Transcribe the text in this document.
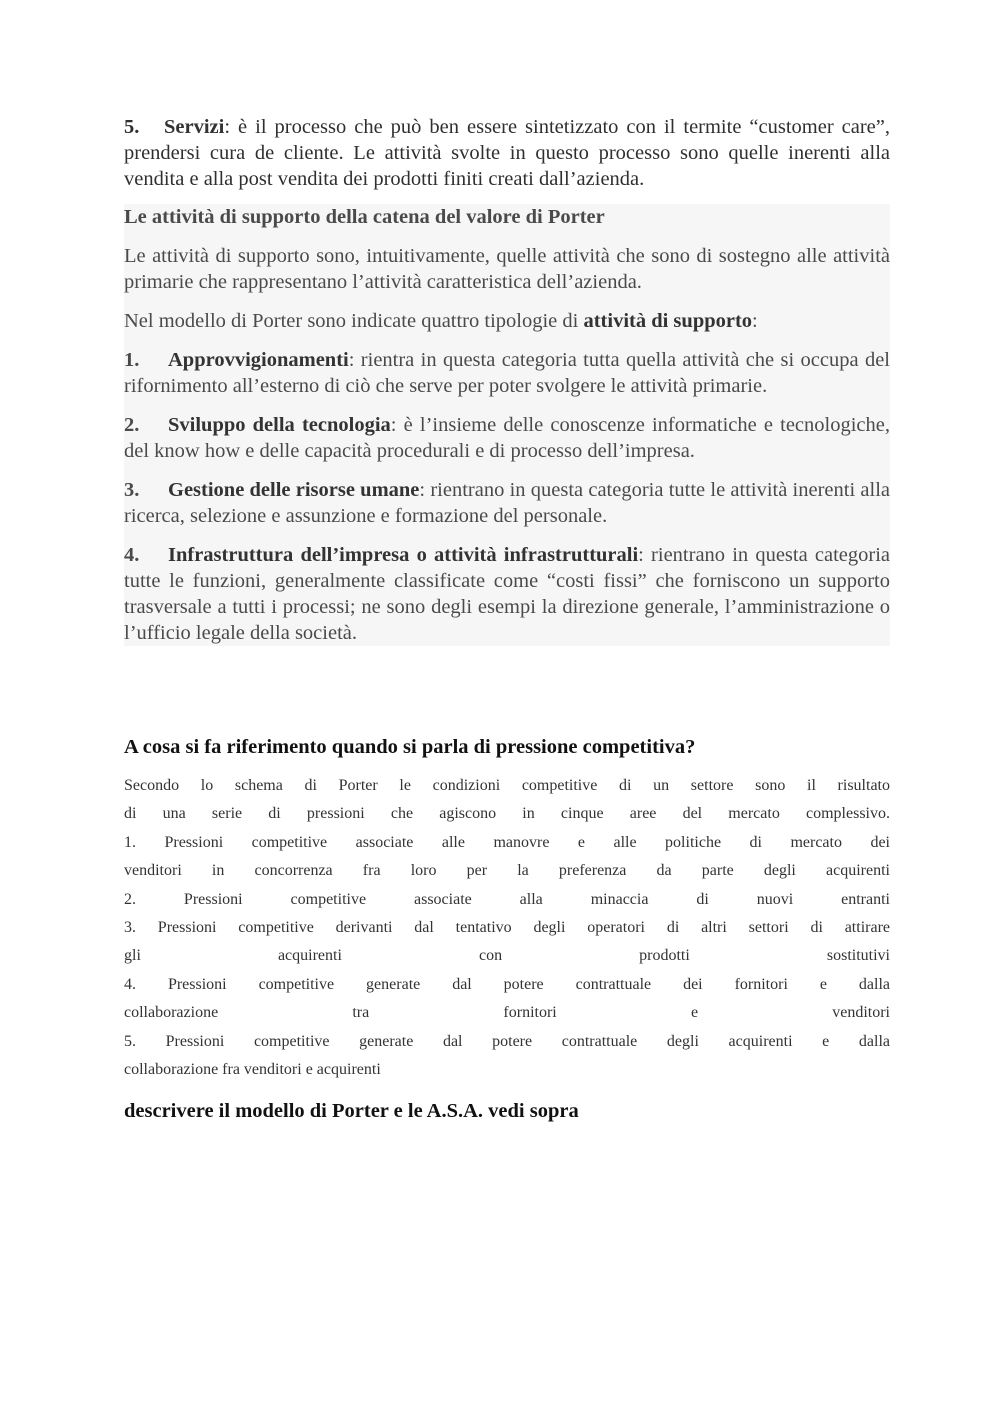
5. Servizi: è il processo che può ben essere sintetizzato con il termite “customer care”, prendersi cura de cliente. Le attività svolte in questo processo sono quelle inerenti alla vendita e alla post vendita dei prodotti finiti creati dall’azienda.

Le attività di supporto della catena del valore di Porter

Le attività di supporto sono, intuitivamente, quelle attività che sono di sostegno alle attività primarie che rappresentano l’attività caratteristica dell’azienda.

Nel modello di Porter sono indicate quattro tipologie di attività di supporto:

1. Approvvigionamenti: rientra in questa categoria tutta quella attività che si occupa del rifornimento all’esterno di ciò che serve per poter svolgere le attività primarie.

2. Sviluppo della tecnologia: è l’insieme delle conoscenze informatiche e tecnologiche, del know how e delle capacità procedurali e di processo dell’impresa.

3. Gestione delle risorse umane: rientrano in questa categoria tutte le attività inerenti alla ricerca, selezione e assunzione e formazione del personale.

4. Infrastruttura dell’impresa o attività infrastrutturali: rientrano in questa categoria tutte le funzioni, generalmente classificate come “costi fissi” che forniscono un supporto trasversale a tutti i processi; ne sono degli esempi la direzione generale, l’amministrazione o l’ufficio legale della società.

A cosa si fa riferimento quando si parla di pressione competitiva?

Secondo lo schema di Porter le condizioni competitive di un settore sono il risultato
di una serie di pressioni che agiscono in cinque aree del mercato complessivo.
1. Pressioni competitive associate alle manovre e alle politiche di mercato dei
venditori in concorrenza fra loro per la preferenza da parte degli acquirenti
2. Pressioni competitive associate alla minaccia di nuovi entranti
3. Pressioni competitive derivanti dal tentativo degli operatori di altri settori di attirare
gli acquirenti con prodotti sostitutivi
4. Pressioni competitive generate dal potere contrattuale dei fornitori e dalla
collaborazione tra fornitori e venditori
5. Pressioni competitive generate dal potere contrattuale degli acquirenti e dalla
collaborazione fra venditori e acquirenti

descrivere il modello di Porter e le A.S.A. vedi sopra
